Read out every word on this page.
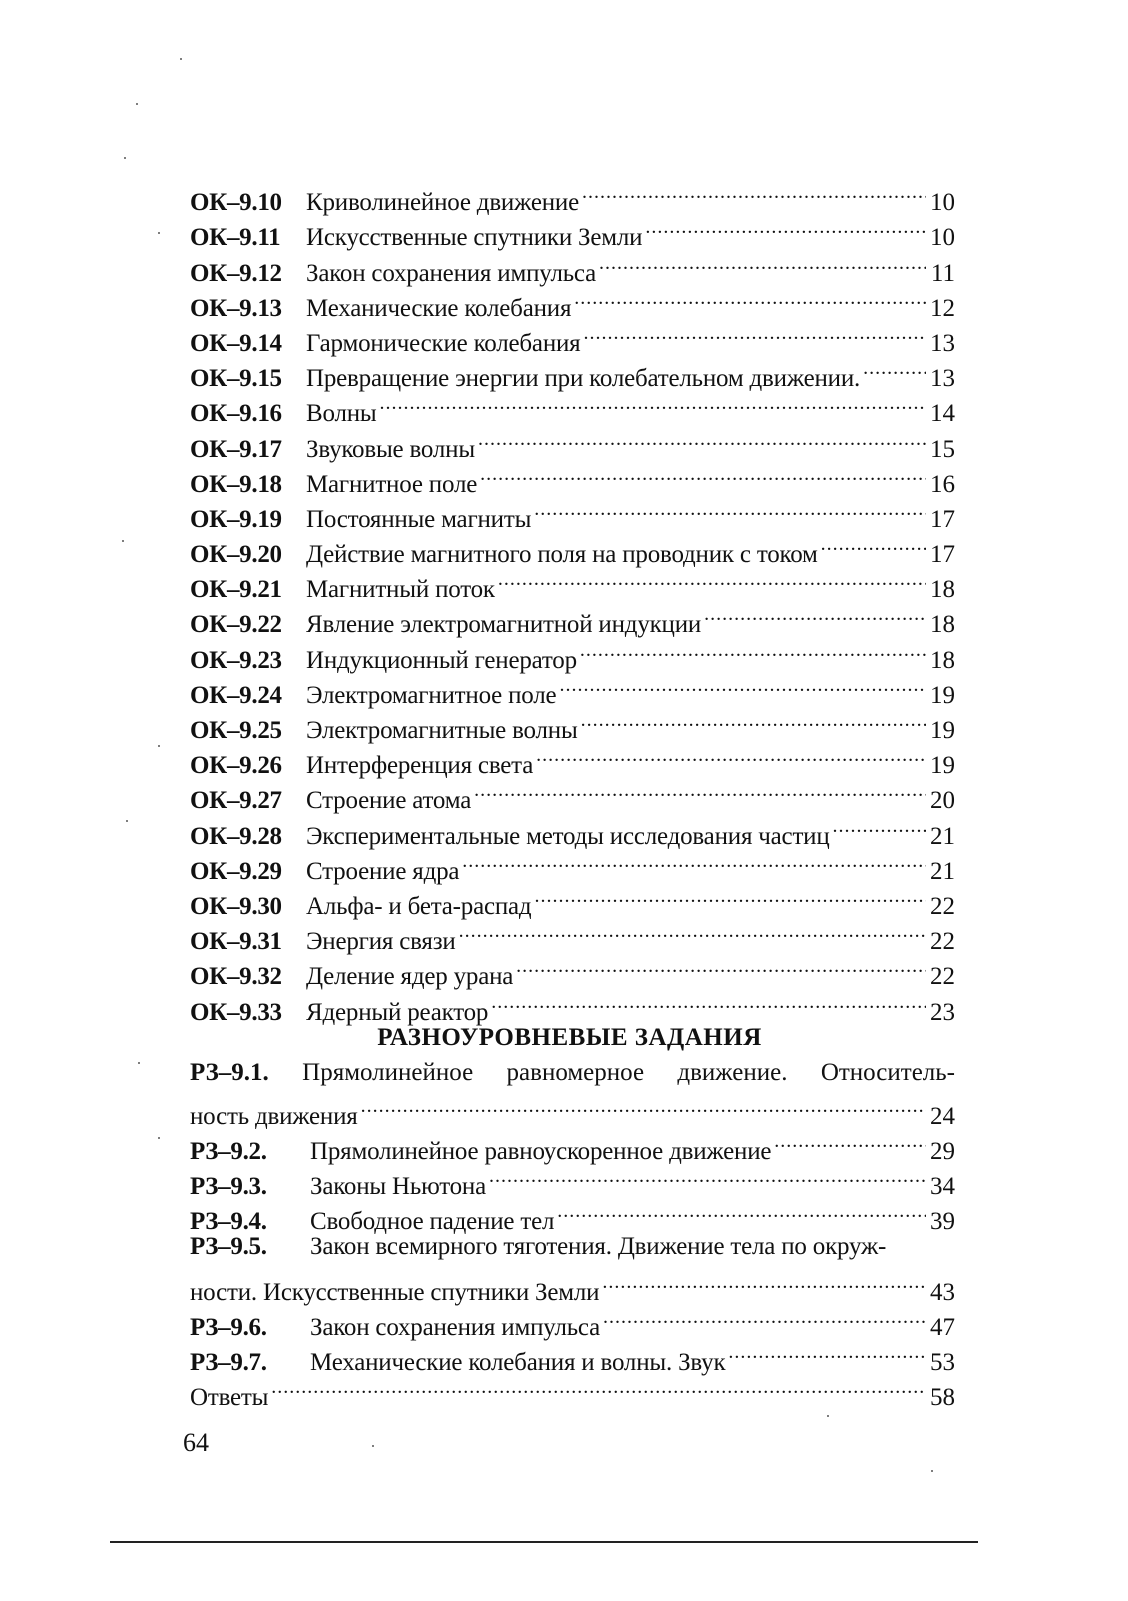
ОК–9.10 Криволинейное движение .....	10
ОК–9.11	Искусственные спутники Земли .....	10
ОК–9.12 Закон сохранения импульса .....	11
ОК–9.13 Механические колебания .....	12
ОК–9.14 Гармонические колебания .....	13
ОК–9.15 Превращение энергии при колебательном движении. .....	13
ОК–9.16 Волны .....	14
ОК–9.17 Звуковые волны .....	15
ОК–9.18 Магнитное поле .....	16
ОК–9.19 Постоянные магниты .....	17
ОК–9.20 Действие магнитного поля на проводник с током .....	17
ОК–9.21 Магнитный поток .....	18
ОК–9.22 Явление электромагнитной индукции .....	18
ОК–9.23 Индукционный генератор .....	18
ОК–9.24 Электромагнитное поле .....	19
ОК–9.25 Электромагнитные волны .....	19
ОК–9.26 Интерференция света .....	19
ОК–9.27 Строение атома .....	20
ОК–9.28 Экспериментальные методы исследования частиц .....	21
ОК–9.29 Строение ядра .....	21
ОК–9.30 Альфа- и бета-распад .....	22
ОК–9.31 Энергия связи .....	22
ОК–9.32 Деление ядер урана .....	22
ОК–9.33 Ядерный реактор .....	23
РАЗНОУРОВНЕВЫЕ ЗАДАНИЯ
РЗ–9.1. Прямолинейное равномерное движение. Относитель-
ность движения .....	24
РЗ–9.2.	Прямолинейное равноускоренное движение .....	29
РЗ–9.3.	Законы Ньютона .....	34
РЗ–9.4.	Свободное падение тел .....	39
РЗ–9.5.	Закон всемирного тяготения. Движение тела по окруж-
ности. Искусственные спутники Земли .....	43
РЗ–9.6.	Закон сохранения импульса .....	47
РЗ–9.7.	Механические колебания и волны. Звук .....	53
Ответы .....	58
64
